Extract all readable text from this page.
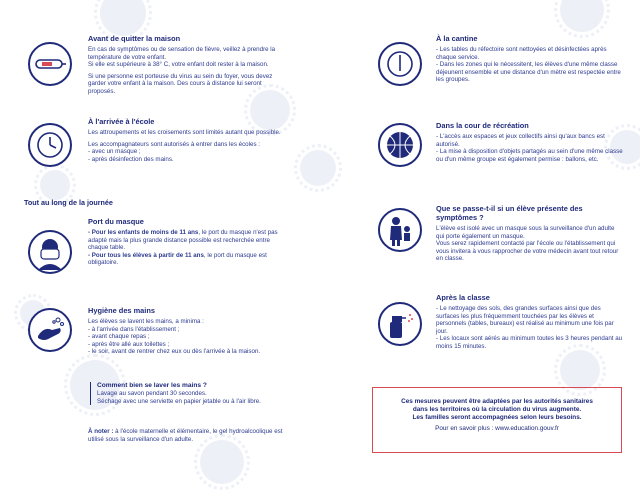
Avant de quitter la maison

En cas de symptômes ou de sensation de fièvre, veillez à prendre la température de votre enfant.

Si elle est supérieure à 38° C, votre enfant doit rester à la maison.

Si une personne est porteuse du virus au sein du foyer, vous devez garder votre enfant à la maison. Des cours à distance lui seront proposés.

À l'arrivée à l'école

Les attroupements et les croisements sont limités autant que possible.

Les accompagnateurs sont autorisés à entrer dans les écoles :

- avec un masque ;
- après désinfection des mains.
Tout au long de la journée
Port du masque

- Pour les enfants de moins de 11 ans, le port du masque n'est pas adapté mais la plus grande distance possible est recherchée entre chaque table.

- Pour tous les élèves à partir de 11 ans, le port du masque est obligatoire.

Hygiène des mains

Les élèves se lavent les mains, a minima :

- à l'arrivée dans l'établissement ;
- avant chaque repas ;
- après être allé aux toilettes ;
- le soir, avant de rentrer chez eux ou dès l'arrivée à la maison.
Comment bien se laver les mains ?

Lavage au savon pendant 30 secondes.

Séchage avec une serviette en papier jetable ou à l'air libre.

À noter : à l'école maternelle et élémentaire, le gel hydroalcoolique est utilisé sous la surveillance d'un adulte.

À la cantine
- Les tables du réfectoire sont nettoyées et désinfectées après chaque service.
- Dans les zones qui le nécessitent, les élèves d'une même classe déjeunent ensemble et une distance d'un mètre est respectée entre les groupes.
Dans la cour de récréation
- L'accès aux espaces et jeux collectifs ainsi qu'aux bancs est autorisé.
- La mise à disposition d'objets partagés au sein d'une même classe ou d'un même groupe est également permise : ballons, etc.
Que se passe-t-il si un élève présente des symptômes ?

L'élève est isolé avec un masque sous la surveillance d'un adulte qui porte également un masque.

Vous serez rapidement contacté par l'école ou l'établissement qui vous invitera à vous rapprocher de votre médecin avant tout retour en classe.

Après la classe
- Le nettoyage des sols, des grandes surfaces ainsi que des surfaces les plus fréquemment touchées par les élèves et personnels (tables, bureaux) est réalisé au minimum une fois par jour.
- Les locaux sont aérés au minimum toutes les 3 heures pendant au moins 15 minutes.

Ces mesures peuvent être adaptées par les autorités sanitaires

dans les territoires où la circulation du virus augmente.

Les familles seront accompagnées selon leurs besoins.

Pour en savoir plus : www.education.gouv.fr
